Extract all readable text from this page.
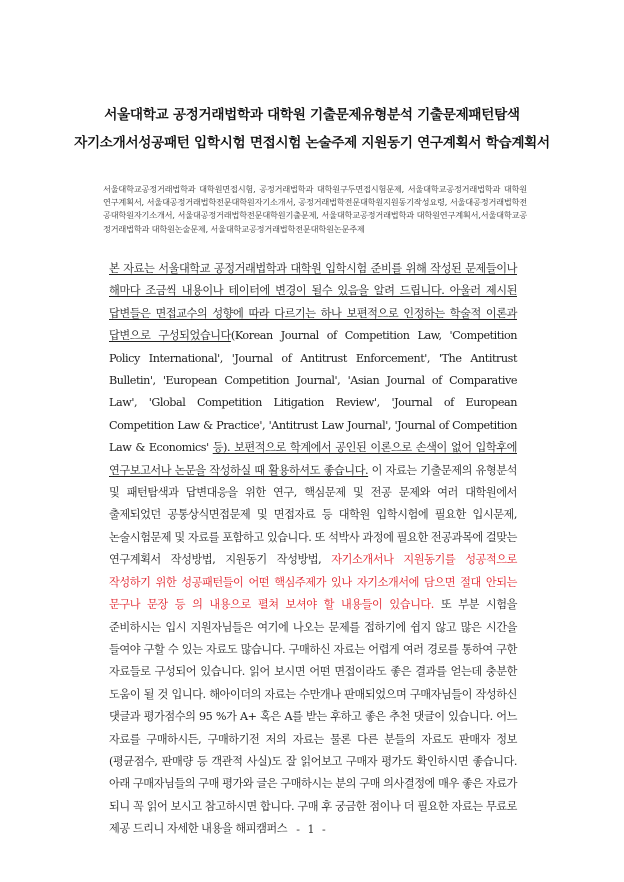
서울대학교 공정거래법학과 대학원 기출문제유형분석 기출문제패턴탐색
자기소개서성공패턴 입학시험 면접시험 논술주제 지원동기 연구계획서 학습계획서
서울대학교공정거래법학과 대학원면접시험, 공정거래법학과 대학원구두면접시험문제, 서울대학교공정거래법학과 대학원연구계획서, 서울대공정거래법학전문대학원자기소개서, 공정거래법학전문대학원지원동기작성요령, 서울대공정거래법학전공대학원자기소개서, 서울대공정거래법학전문대학원기출문제, 서울대학교공정거래법학과 대학원연구계획서,서울대학교공정거래법학과 대학원논술문제, 서울대학교공정거래법학전문대학원논문주제
본 자료는 서울대학교 공정거래법학과 대학원 입학시험 준비를 위해 작성된 문제들이나 해마다 조금씩 내용이나 테이터에 변경이 될수 있음을 알려 드립니다. 아울러 제시된 답변들은 면접교수의 성향에 따라 다르기는 하나 보편적으로 인정하는 학술적 이론과 답변으로 구성되었습니다(Korean Journal of Competition Law, 'Competition Policy International', 'Journal of Antitrust Enforcement', 'The Antitrust Bulletin', 'European Competition Journal', 'Asian Journal of Comparative Law', 'Global Competition Litigation Review', 'Journal of European Competition Law & Practice', 'Antitrust Law Journal', 'Journal of Competition Law & Economics' 등). 보편적으로 학계에서 공인된 이론으로 손색이 없어 입학후에 연구보고서나 논문을 작성하실 때 활용하셔도 좋습니다. 이 자료는 기출문제의 유형분석 및 패턴탐색과 답변대응을 위한 연구, 핵심문제 및 전공 문제와 여러 대학원에서 출제되었던 공통상식면접문제 및 면접자료 등 대학원 입학시험에 필요한 입시문제, 논술시험문제 및 자료를 포함하고 있습니다. 또 석박사 과정에 필요한 전공과목에 걸맞는 연구계획서 작성방법, 지원동기 작성방법, 자기소개서나 지원동기를 성공적으로 작성하기 위한 성공패턴들이 어떤 핵심주제가 있나 자기소개서에 담으면 절대 안되는 문구나 문장 등 의 내용으로 펼쳐 보셔야 할 내용들이 있습니다. 또 부분 시험을 준비하시는 입시 지원자님들은 여기에 나오는 문제를 접하기에 쉽지 않고 많은 시간을 들여야 구할 수 있는 자료도 많습니다. 구매하신 자료는 어렵게 여러 경로를 통하여 구한 자료들로 구성되어 있습니다. 읽어 보시면 어떤 면접이라도 좋은 결과를 얻는데 충분한 도움이 될 것 입니다. 해아이더의 자료는 수만개나 판매되었으며 구매자님들이 작성하신 댓글과 평가점수의 95 %가 A+ 혹은 A를 받는 후하고 좋은 추천 댓글이 있습니다. 어느 자료를 구매하시든, 구매하기전 저의 자료는 물론 다른 분들의 자료도 판매자 정보(평균점수, 판매량 등 객관적 사실)도 잘 읽어보고 구매자 평가도 확인하시면 좋습니다. 아래 구매자님들의 구매 평가와 글은 구매하시는 분의 구매 의사결정에 매우 좋은 자료가 되니 꼭 읽어 보시고 참고하시면 합니다. 구매 후 궁금한 점이나 더 필요한 자료는 무료로 제공 드리니 자세한 내용을 해피캠퍼스 - 1 -
